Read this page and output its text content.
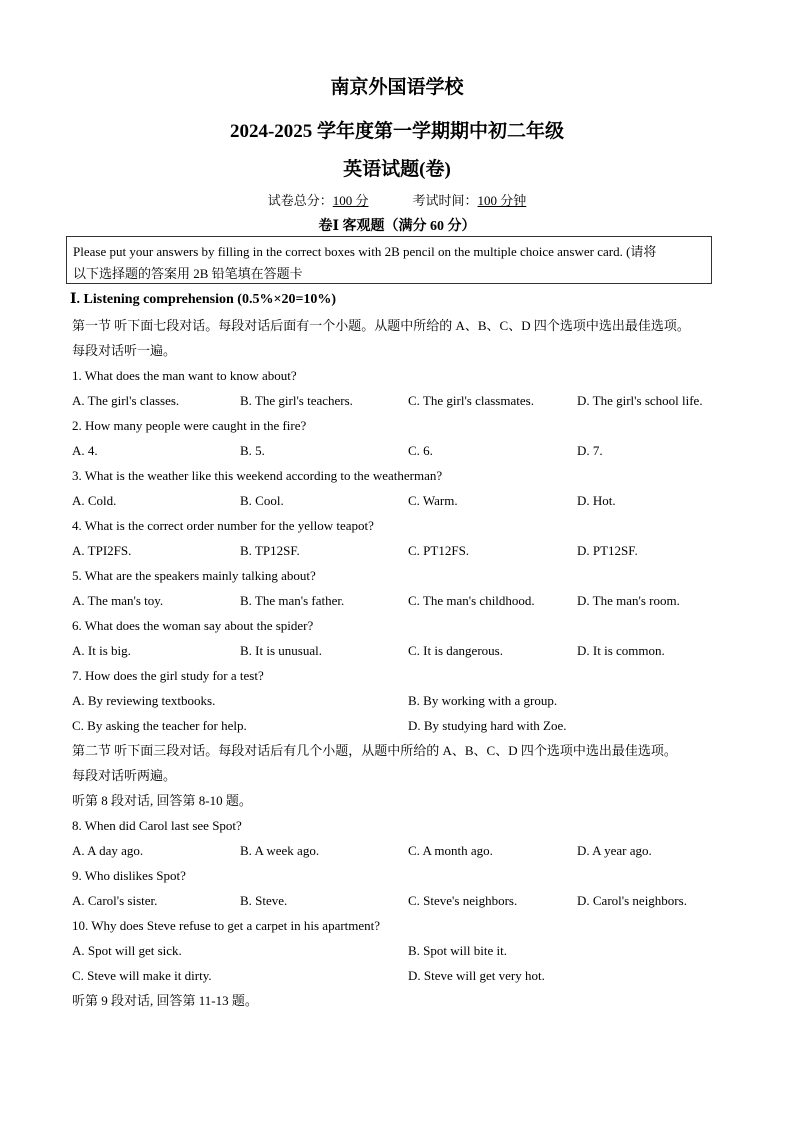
南京外国语学校
2024-2025 学年度第一学期期中初二年级
英语试题(卷)
试卷总分：100 分	考试时间：100 分钟
卷Ⅰ 客观题（满分 60 分）
Please put your answers by filling in the correct boxes with 2B pencil on the multiple choice answer card. (请将
以下选择题的答案用 2B 铅笔填在答题卡
Ⅰ. Listening comprehension (0.5%×20=10%)
第一节 听下面七段对话。每段对话后面有一个小题。从题中所给的 A、B、C、D 四个选项中选出最佳选项。
每段对话听一遍。
1. What does the man want to know about?
A. The girl's classes.	B. The girl's teachers.	C. The girl's classmates.	D. The girl's school life.
2. How many people were caught in the fire?
A. 4.	B. 5.	C. 6.	D. 7.
3. What is the weather like this weekend according to the weatherman?
A. Cold.	B. Cool.	C. Warm.	D. Hot.
4. What is the correct order number for the yellow teapot?
A. TPI2FS.	B. TP12SF.	C. PT12FS.	D. PT12SF.
5. What are the speakers mainly talking about?
A. The man's toy.	B. The man's father.	C. The man's childhood.	D. The man's room.
6. What does the woman say about the spider?
A. It is big.	B. It is unusual.	C. It is dangerous.	D. It is common.
7. How does the girl study for a test?
A. By reviewing textbooks.	B. By working with a group.
C. By asking the teacher for help.	D. By studying hard with Zoe.
第二节 听下面三段对话。每段对话后有几个小题，从题中所给的 A、B、C、D 四个选项中选出最佳选项。
每段对话听两遍。
听第 8 段对话, 回答第 8-10 题。
8. When did Carol last see Spot?
A. A day ago.	B. A week ago.	C. A month ago.	D. A year ago.
9. Who dislikes Spot?
A. Carol's sister.	B. Steve.	C. Steve's neighbors.	D. Carol's neighbors.
10. Why does Steve refuse to get a carpet in his apartment?
A. Spot will get sick.	B. Spot will bite it.
C. Steve will make it dirty.	D. Steve will get very hot.
听第 9 段对话, 回答第 11-13 题。
